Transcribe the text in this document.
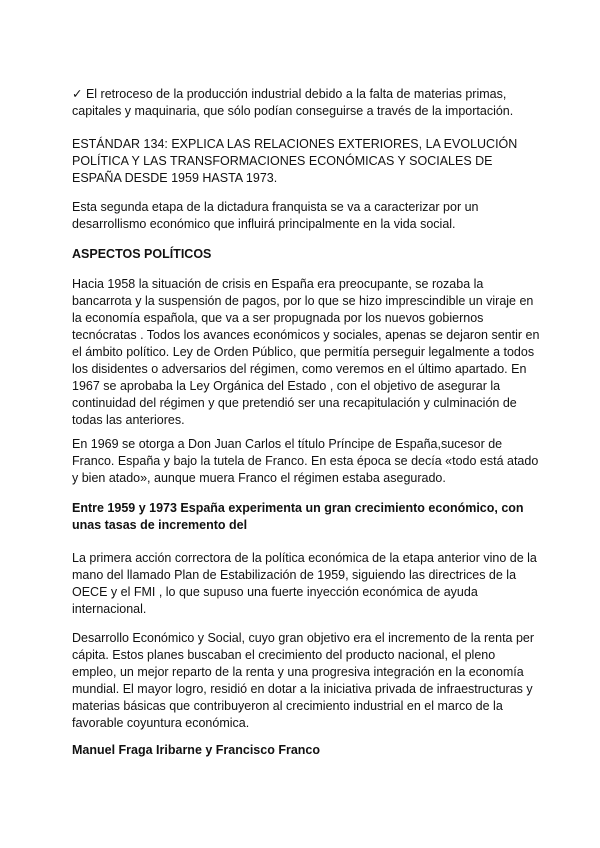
✓ El retroceso de la producción industrial debido a la falta de materias primas,
capitales y maquinaria, que sólo podían conseguirse a través de la importación.

ESTÁNDAR 134: EXPLICA LAS RELACIONES EXTERIORES, LA EVOLUCIÓN
POLÍTICA Y LAS TRANSFORMACIONES ECONÓMICAS Y SOCIALES DE
ESPAÑA DESDE 1959 HASTA 1973.

Esta segunda etapa de la dictadura franquista se va a caracterizar por un
desarrollismo económico que influirá principalmente en la vida social.

ASPECTOS POLÍTICOS

Hacia 1958 la situación de crisis en España era preocupante, se rozaba la
bancarrota y la suspensión de pagos, por lo que se hizo imprescindible un viraje en
la economía española, que va a ser propugnada por los nuevos gobiernos
tecnócratas . Todos los avances económicos y sociales, apenas se dejaron sentir en
el ámbito político. Ley de Orden Público, que permitía perseguir legalmente a todos
los disidentes o adversarios del régimen, como veremos en el último apartado. En
1967 se aprobaba la Ley Orgánica del Estado , con el objetivo de asegurar la
continuidad del régimen y que pretendió ser una recapitulación y culminación de
todas las anteriores.

En 1969 se otorga a Don Juan Carlos el título Príncipe de España,sucesor de
Franco. España y bajo la tutela de Franco. En esta época se decía «todo está atado
y bien atado», aunque muera Franco el régimen estaba asegurado.

Entre 1959 y 1973 España experimenta un gran crecimiento económico, con
unas tasas de incremento del

La primera acción correctora de la política económica de la etapa anterior vino de la
mano del llamado Plan de Estabilización de 1959, siguiendo las directrices de la
OECE y el FMI , lo que supuso una fuerte inyección económica de ayuda
internacional.

Desarrollo Económico y Social, cuyo gran objetivo era el incremento de la renta per
cápita. Estos planes buscaban el crecimiento del producto nacional, el pleno
empleo, un mejor reparto de la renta y una progresiva integración en la economía
mundial. El mayor logro, residió en dotar a la iniciativa privada de infraestructuras y
materias básicas que contribuyeron al crecimiento industrial en el marco de la
favorable coyuntura económica.

Manuel Fraga Iribarne y Francisco Franco
